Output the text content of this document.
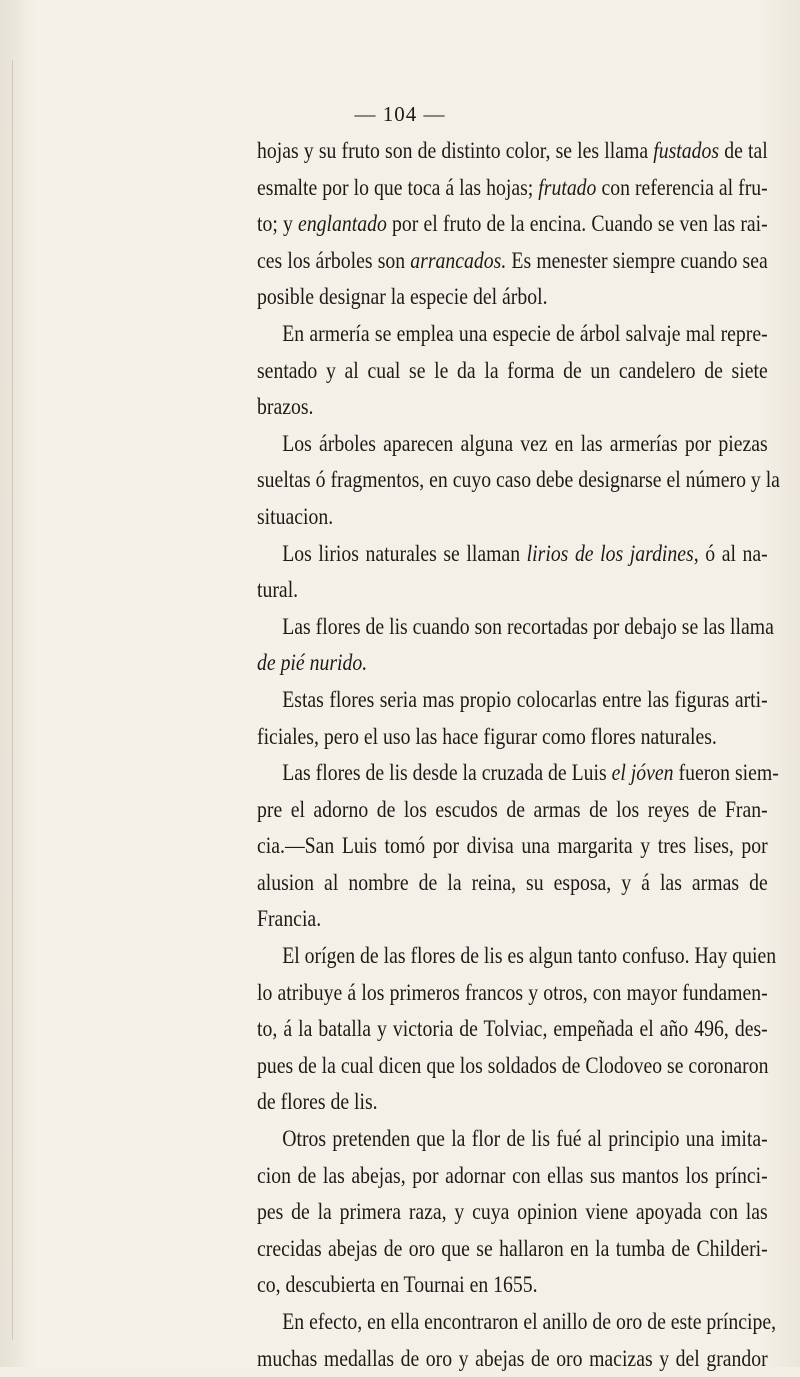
— 104 —
hojas y su fruto son de distinto color, se les llama fustados de tal
esmalte por lo que toca á las hojas; frutado con referencia al fru-
to; y englantado por el fruto de la encina. Cuando se ven las rai-
ces los árboles son arrancados. Es menester siempre cuando sea
posible designar la especie del árbol.
En armería se emplea una especie de árbol salvaje mal repre-
sentado y al cual se le da la forma de un candelero de siete
brazos.
Los árboles aparecen alguna vez en las armerías por piezas
sueltas ó fragmentos, en cuyo caso debe designarse el número y la
situacion.
Los lirios naturales se llaman lirios de los jardines, ó al na-
tural.
Las flores de lis cuando son recortadas por debajo se las llama
de pié nurido.
Estas flores seria mas propio colocarlas entre las figuras arti-
ficiales, pero el uso las hace figurar como flores naturales.
Las flores de lis desde la cruzada de Luis el jóven fueron siem-
pre el adorno de los escudos de armas de los reyes de Fran-
cia.—San Luis tomó por divisa una margarita y tres lises, por
alusion al nombre de la reina, su esposa, y á las armas de
Francia.
El orígen de las flores de lis es algun tanto confuso. Hay quien
lo atribuye á los primeros francos y otros, con mayor fundamen-
to, á la batalla y victoria de Tolviac, empeñada el año 496, des-
pues de la cual dicen que los soldados de Clodoveo se coronaron
de flores de lis.
Otros pretenden que la flor de lis fué al principio una imita-
cion de las abejas, por adornar con ellas sus mantos los prínci-
pes de la primera raza, y cuya opinion viene apoyada con las
crecidas abejas de oro que se hallaron en la tumba de Childeri-
co, descubierta en Tournai en 1655.
En efecto, en ella encontraron el anillo de oro de este príncipe,
muchas medallas de oro y abejas de oro macizas y del grandor
